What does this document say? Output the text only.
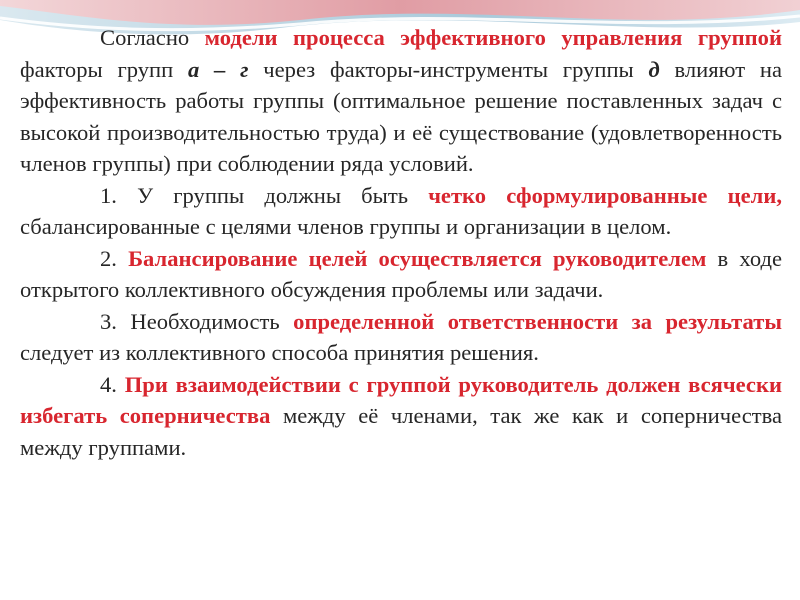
Согласно модели процесса эффективного управления группой факторы групп а – г через факторы-инструменты группы д влияют на эффективность работы группы (оптимальное решение поставленных задач с высокой производительностью труда) и её существование (удовлетворенность членов группы) при соблюдении ряда условий.

1. У группы должны быть четко сформулированные цели, сбалансированные с целями членов группы и организации в целом.

2. Балансирование целей осуществляется руководителем в ходе открытого коллективного обсуждения проблемы или задачи.

3. Необходимость определенной ответственности за результаты следует из коллективного способа принятия решения.

4. При взаимодействии с группой руководитель должен всячески избегать соперничества между её членами, так же как и соперничества между группами.
